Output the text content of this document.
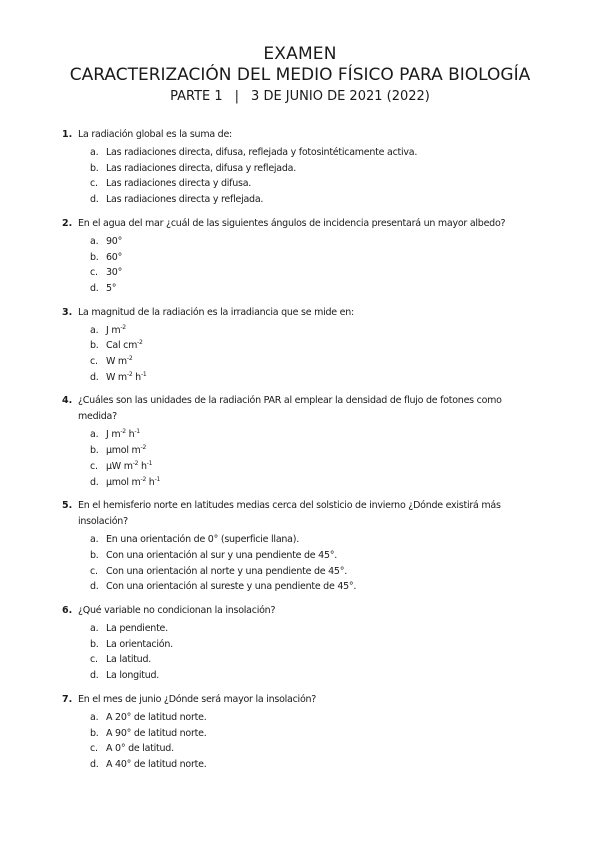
EXAMEN
CARACTERIZACIÓN DEL MEDIO FÍSICO PARA BIOLOGÍA
PARTE 1 | 3 DE JUNIO DE 2021 (2022)
1. La radiación global es la suma de:
a. Las radiaciones directa, difusa, reflejada y fotosintéticamente activa.
b. Las radiaciones directa, difusa y reflejada.
c. Las radiaciones directa y difusa.
d. Las radiaciones directa y reflejada.
2. En el agua del mar ¿cuál de las siguientes ángulos de incidencia presentará un mayor albedo?
a. 90°
b. 60°
c. 30°
d. 5°
3. La magnitud de la radiación es la irradiancia que se mide en:
a. J $m^{-2}$
b. Cal $cm^{-2}$
c. W $m^{-2}$
d. W $m^{-2}$ $h^{-1}$
4. ¿Cuáles son las unidades de la radiación PAR al emplear la densidad de flujo de fotones como medida?
a. J $m^{-2}$ $h^{-1}$
b. μmol $m^{-2}$
c. μW $m^{-2}$ $h^{-1}$
d. μmol $m^{-2}$ $h^{-1}$
5. En el hemisferio norte en latitudes medias cerca del solsticio de invierno ¿Dónde existirá más insolación?
a. En una orientación de 0° (superficie llana).
b. Con una orientación al sur y una pendiente de 45°.
c. Con una orientación al norte y una pendiente de 45°.
d. Con una orientación al sureste y una pendiente de 45°.
6. ¿Qué variable no condicionan la insolación?
a. La pendiente.
b. La orientación.
c. La latitud.
d. La longitud.
7. En el mes de junio ¿Dónde será mayor la insolación?
a. A 20° de latitud norte.
b. A 90° de latitud norte.
c. A 0° de latitud.
d. A 40° de latitud norte.
